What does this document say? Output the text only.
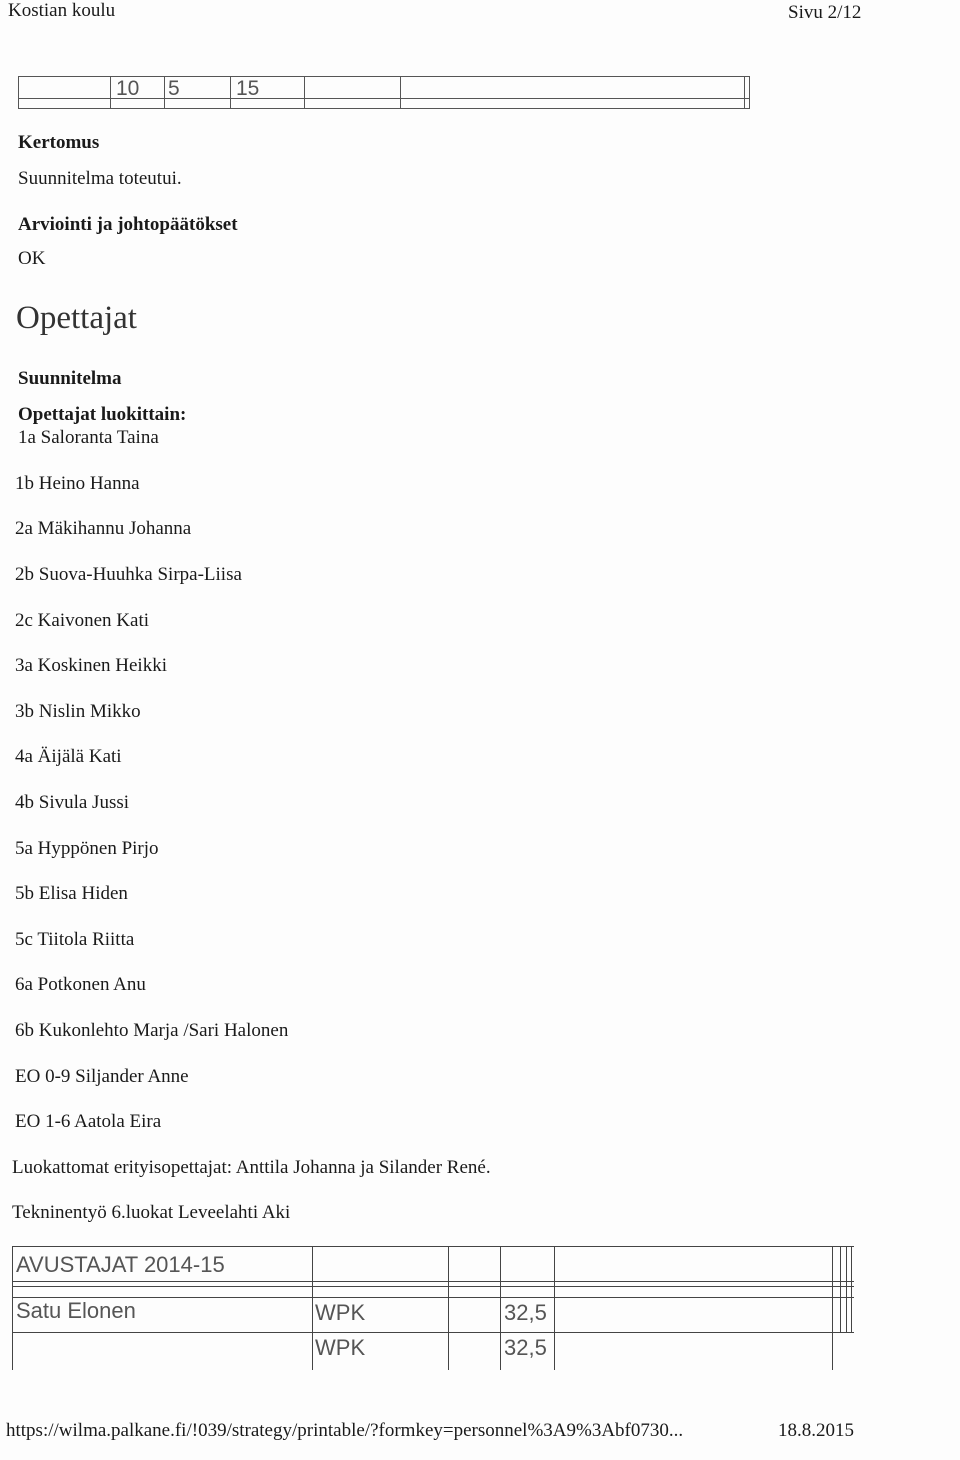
Kostian koulu	Sivu 2/12
10 5	15
Kertomus
Suunnitelma toteutui.
Arviointi ja johtopäätökset
OK
Opettajat
Suunnitelma
Opettajat luokittain:
1a Saloranta Taina
1b Heino Hanna
2a Mäkihannu Johanna
2b Suova-Huuhka Sirpa-Liisa
2c Kaivonen Kati
3a Koskinen Heikki
3b Nislin Mikko
4a Äijälä Kati
4b Sivula Jussi
5a Hyppönen Pirjo
5b Elisa Hiden
5c Tiitola Riitta
6a Potkonen Anu
6b Kukonlehto Marja /Sari Halonen
EO 0-9 Siljander Anne
EO 1-6 Aatola Eira
Luokattomat erityisopettajat: Anttila Johanna ja Silander René.
Tekninentyö 6.luokat Leveelahti Aki
AVUSTAJAT 2014-15
Satu Elonen	WPK	32,5
WPK	32,5
https://wilma.palkane.fi/!039/strategy/printable/?formkey=personnel%3A9%3Abf0730...	18.8.2015
